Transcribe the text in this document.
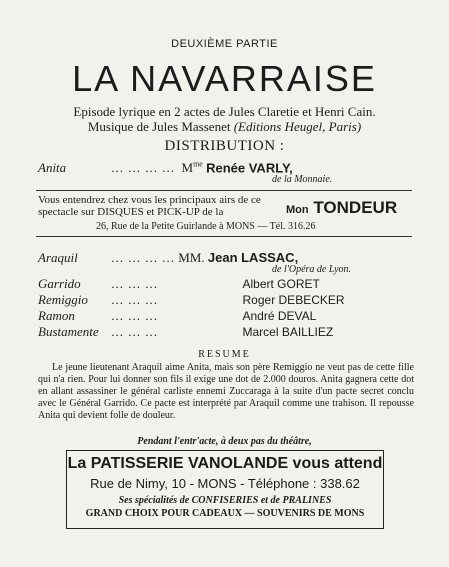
DEUXIÈME PARTIE
LA NAVARRAISE
Episode lyrique en 2 actes de Jules Claretie et Henri Cain.
Musique de Jules Massenet (Editions Heugel, Paris)
DISTRIBUTION :
Anita	... ... ... ...  $M^{me}$ Renée VARLY,
de la Monnaie.
Vous entendrez chez vous les principaux airs de ce spectacle sur DISQUES et PICK-UP de la	Mon TONDEUR
26, Rue de la Petite Guirlande à MONS — Tél. 316.26
Araquil	... ... ... ... MM. Jean LASSAC,
de l'Opéra de Lyon.
Garrido ... ... ...	Albert GORET
Remiggio ... ... ...	Roger DEBECKER
Ramon	... ... ...	André DEVAL
Bustamente ... ... ...	Marcel BAILLIEZ
RESUME
Le jeune lieutenant Araquil aime Anita, mais son père Remiggio ne veut pas de cette fille qui n'a rien. Pour lui donner son fils il exige une dot de 2.000 douros. Anita gagnera cette dot en allant assassiner le général carliste ennemi Zuccaraga à la suite d'un pacte secret conclu avec le Général Garrido. Ce pacte est interprété par Araquil comme une trahison. Il repousse Anita qui devient folle de douleur.
Pendant l'entr'acte, à deux pas du théâtre,
La PATISSERIE VANOLANDE vous attend
Rue de Nimy, 10 - MONS - Téléphone : 338.62
Ses spécialités de CONFISERIES et de PRALINES
GRAND CHOIX POUR CADEAUX — SOUVENIRS DE MONS
